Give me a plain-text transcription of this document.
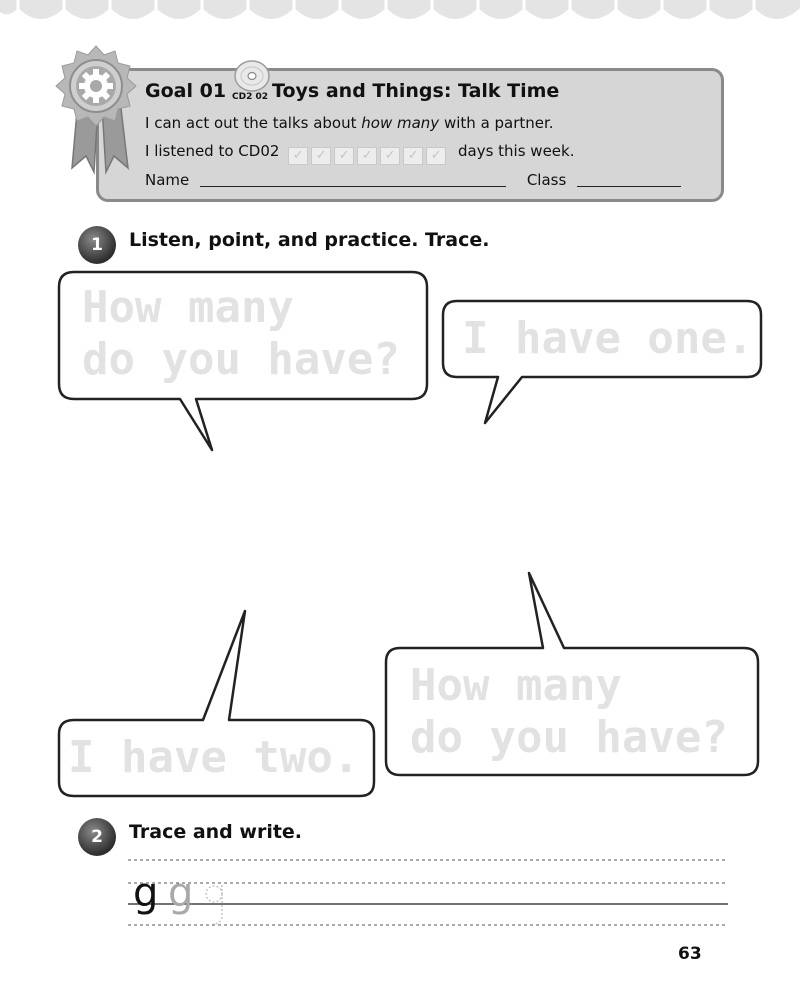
Goal 01 CD2 02 Toys and Things: Talk Time
I can act out the talks about how many with a partner.
I listened to CD02 ✓ ✓ ✓ ✓ ✓ ✓ ✓ days this week.
Name	Class
1	Listen, point, and practice. Trace.
How many
do you have? I have one.
I have two.
How many
do you have?
2	Trace and write.
g g
63
